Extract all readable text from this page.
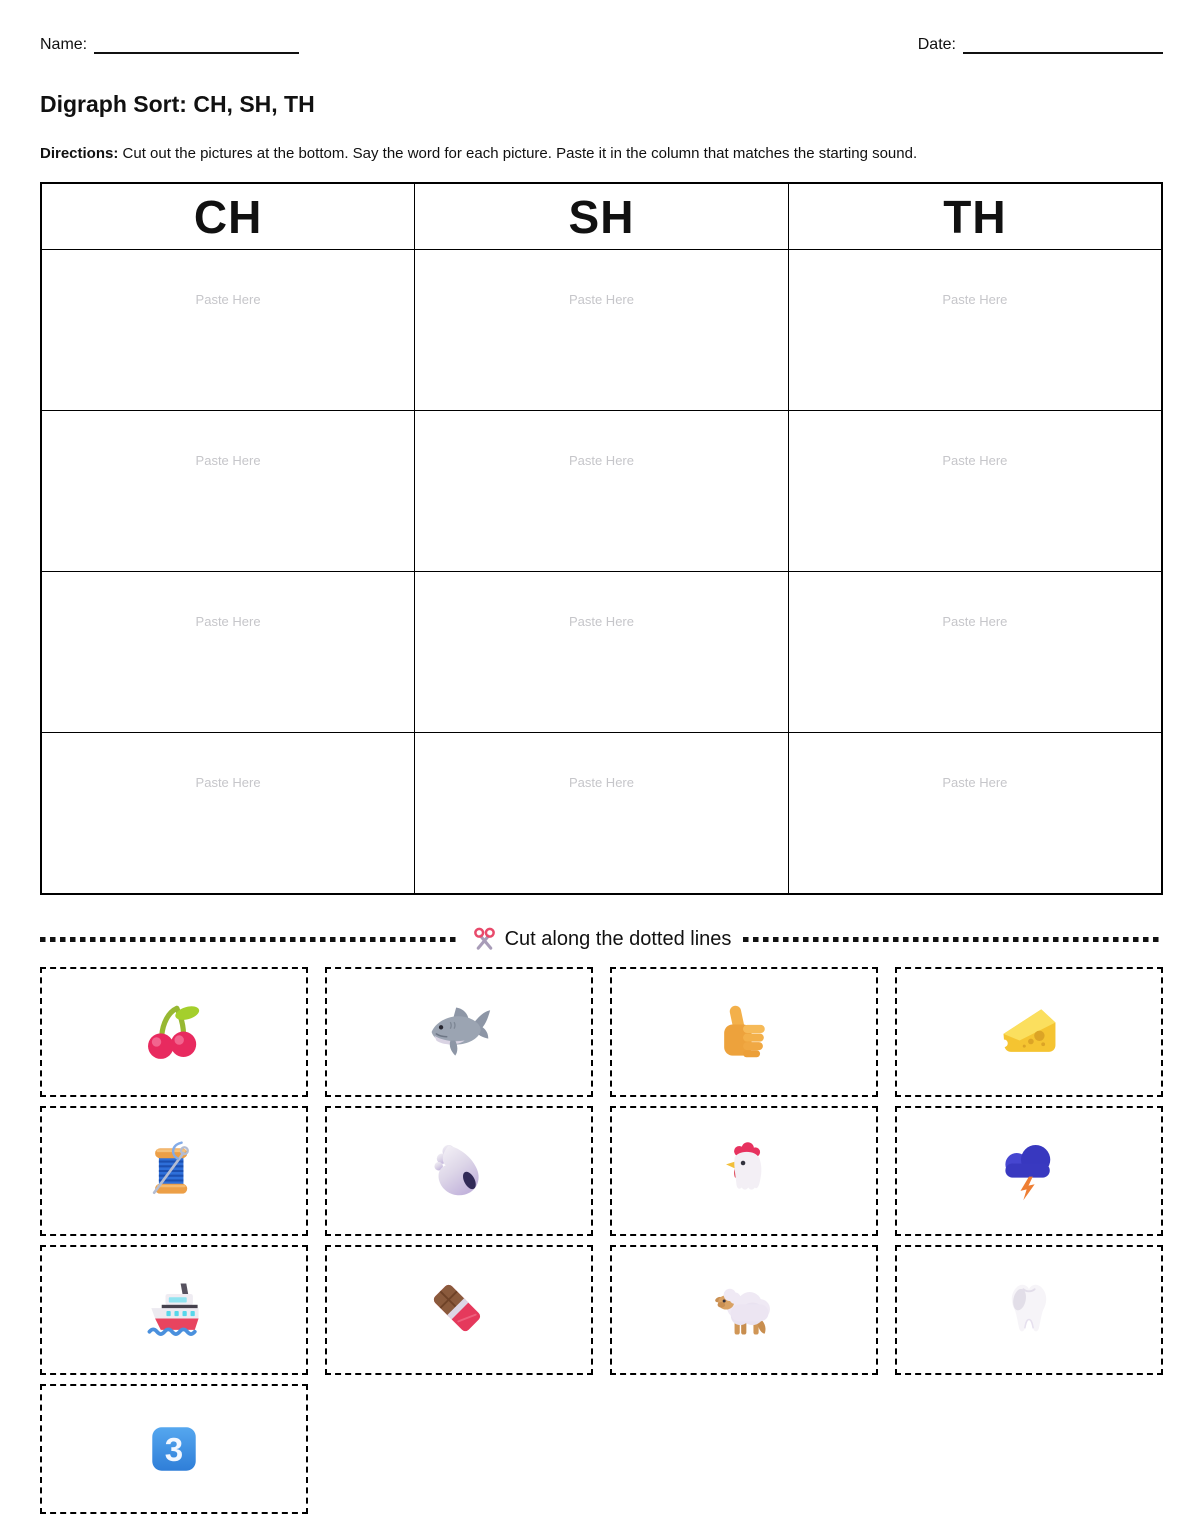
Name:	Date:
Digraph Sort: CH, SH, TH
Directions: Cut out the pictures at the bottom. Say the word for each picture. Paste it in the column that matches the starting sound.
CH	SH	TH
Paste Here	Paste Here	Paste Here
Paste Here	Paste Here	Paste Here
Paste Here	Paste Here	Paste Here
Paste Here	Paste Here	Paste Here
Cut along the dotted lines
3
